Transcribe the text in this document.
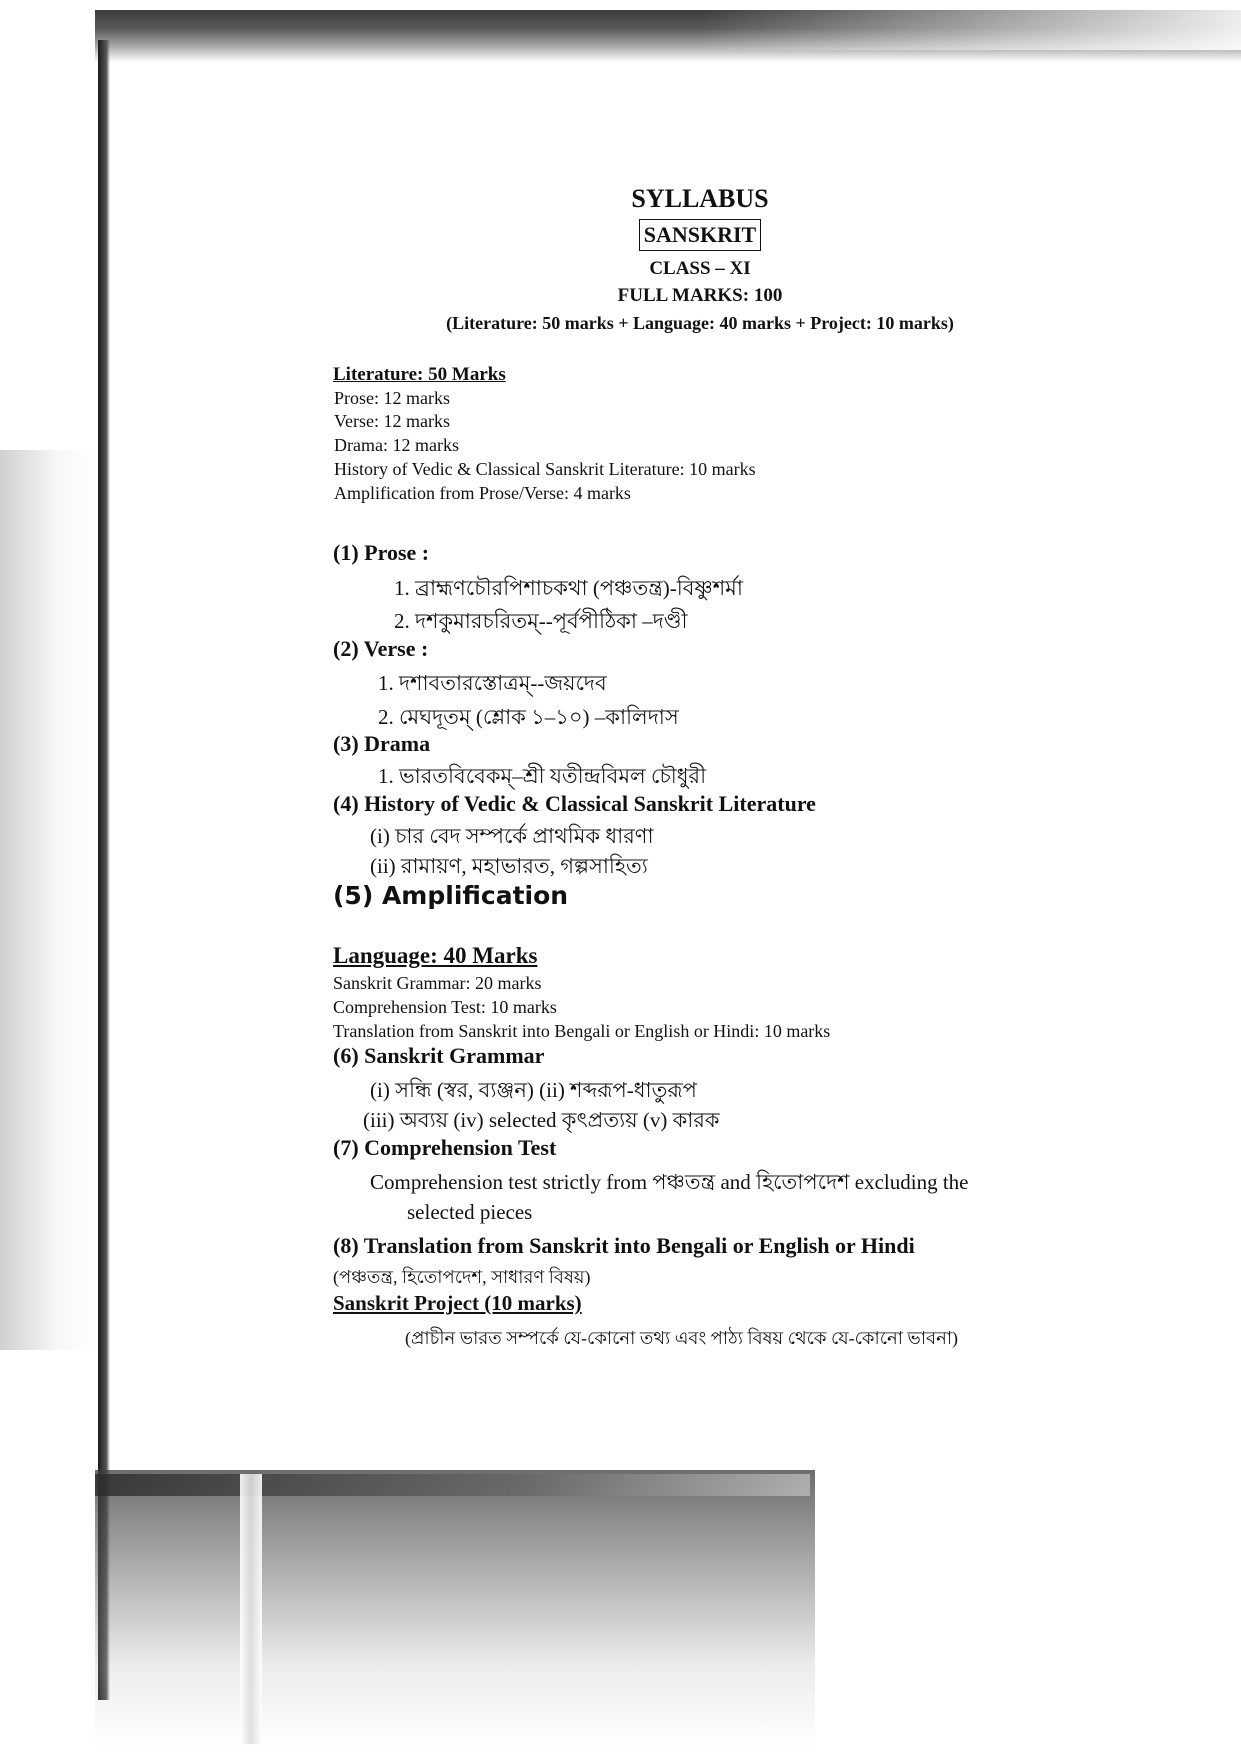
SYLLABUS
SANSKRIT
CLASS – XI
FULL MARKS: 100
(Literature: 50 marks + Language: 40 marks + Project: 10 marks)
Literature: 50 Marks
Prose: 12 marks
Verse: 12 marks
Drama: 12 marks
History of Vedic & Classical Sanskrit Literature: 10 marks
Amplification from Prose/Verse: 4 marks
(1) Prose :
1. ব্রাহ্মণচৌরপিশাচকথা (পঞ্চতন্ত্র)-বিষ্ণুশর্মা
2. দশকুমারচরিতম্--পূর্বপীঠিকা –দণ্ডী
(2) Verse :
1. দশাবতারস্তোত্রম্--জয়দেব
2. মেঘদূতম্ (শ্লোক ১–১০) –কালিদাস
(3) Drama
1. ভারতবিবেকম্–শ্রী যতীন্দ্রবিমল চৌধুরী
(4) History of Vedic & Classical Sanskrit Literature
(i) চার বেদ সম্পর্কে প্রাথমিক ধারণা
(ii) রামায়ণ, মহাভারত, গল্পসাহিত্য
(5) Amplification
Language: 40 Marks
Sanskrit Grammar: 20 marks
Comprehension Test: 10 marks
Translation from Sanskrit into Bengali or English or Hindi: 10 marks
(6) Sanskrit Grammar
(i) সন্ধি (স্বর, ব্যঞ্জন) (ii) শব্দরূপ-ধাতুরূপ
(iii) অব্যয় (iv) selected কৃৎপ্রত্যয় (v) কারক
(7) Comprehension Test
Comprehension test strictly from পঞ্চতন্ত্র and হিতোপদেশ excluding the
selected pieces
(8) Translation from Sanskrit into Bengali or English or Hindi
(পঞ্চতন্ত্র, হিতোপদেশ, সাধারণ বিষয়)
Sanskrit Project (10 marks)
(প্রাচীন ভারত সম্পর্কে যে-কোনো তথ্য এবং পাঠ্য বিষয় থেকে যে-কোনো ভাবনা)
